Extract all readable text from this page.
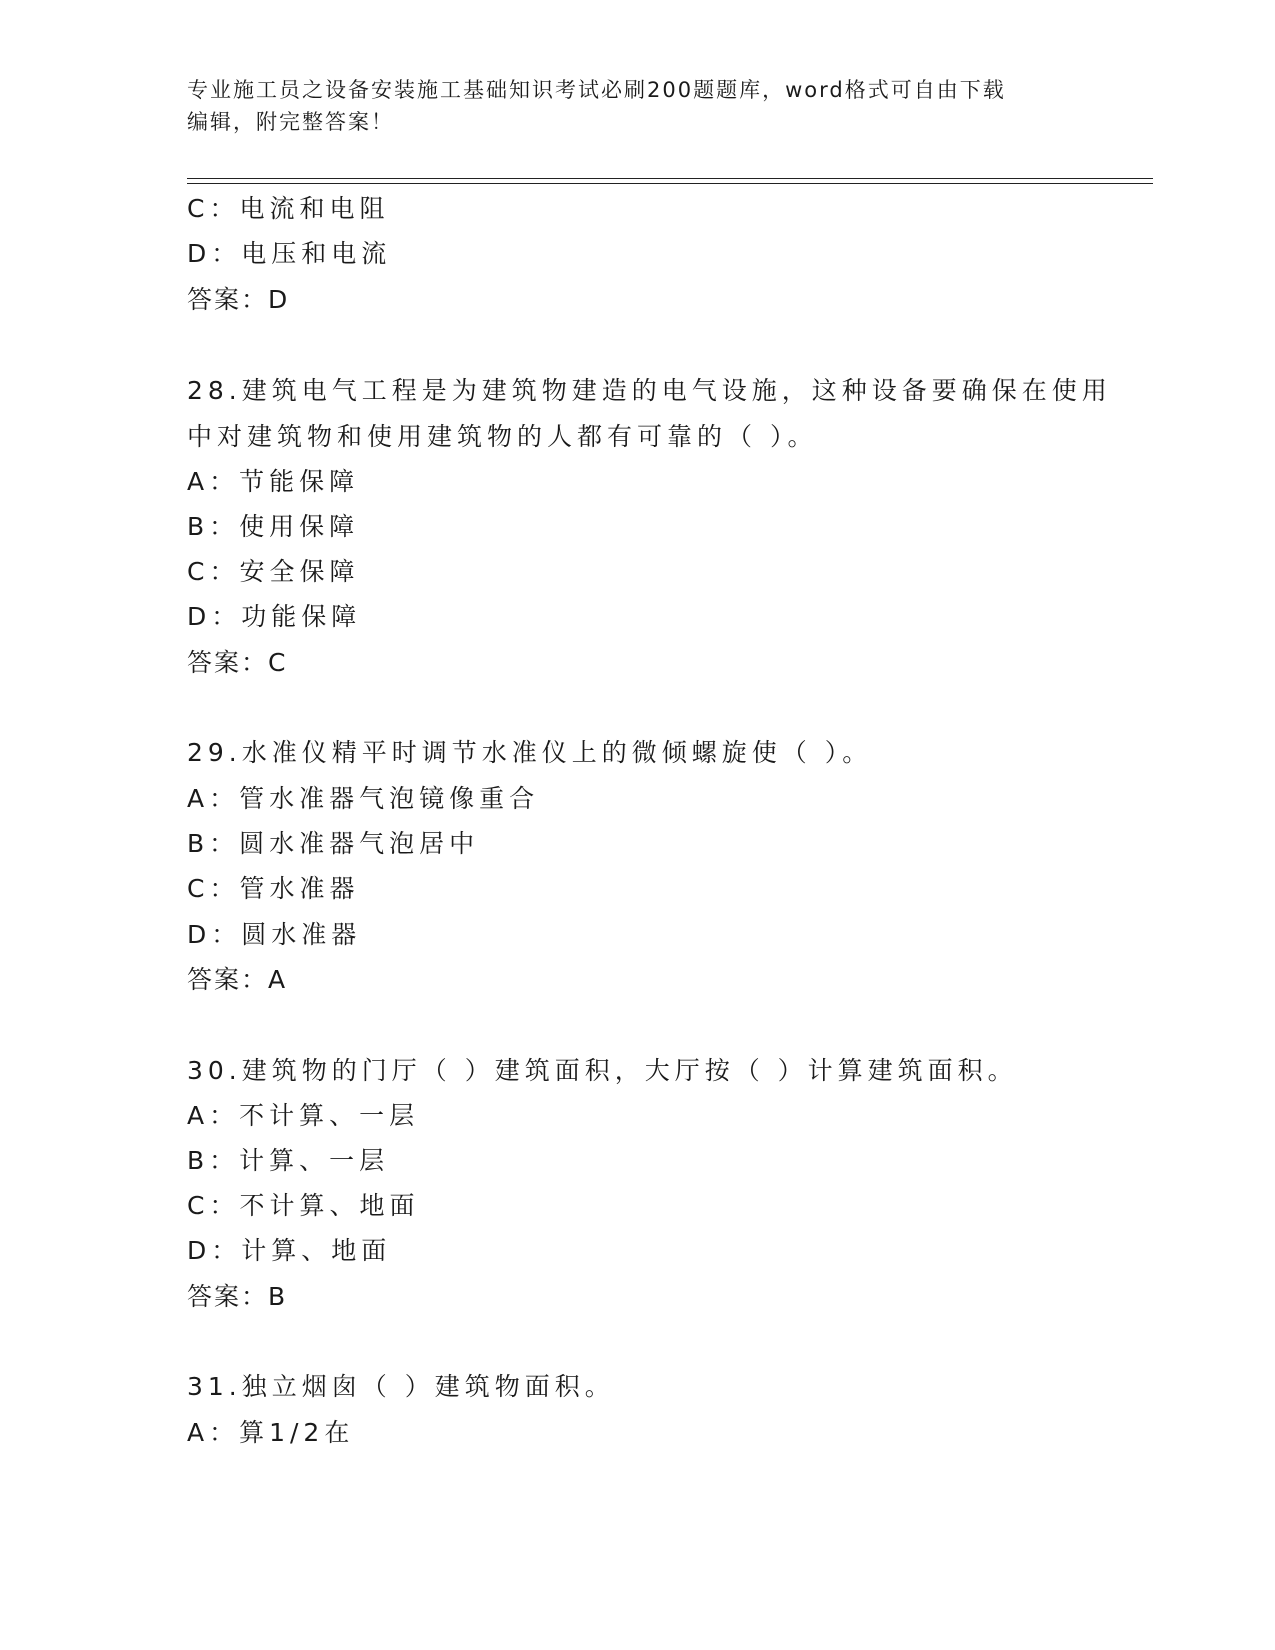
专业施工员之设备安装施工基础知识考试必刷200题题库，word格式可自由下载
编辑，附完整答案！
C：电流和电阻
D：电压和电流
答案：D
28.建筑电气工程是为建筑物建造的电气设施，这种设备要确保在使用
中对建筑物和使用建筑物的人都有可靠的（ ）。
A：节能保障
B：使用保障
C：安全保障
D：功能保障
答案：C
29.水准仪精平时调节水准仪上的微倾螺旋使（ ）。
A：管水准器气泡镜像重合
B：圆水准器气泡居中
C：管水准器
D：圆水准器
答案：A
30.建筑物的门厅（ ）建筑面积，大厅按（ ）计算建筑面积。
A：不计算、一层
B：计算、一层
C：不计算、地面
D：计算、地面
答案：B
31.独立烟囱（ ）建筑物面积。
A：算1/2在
